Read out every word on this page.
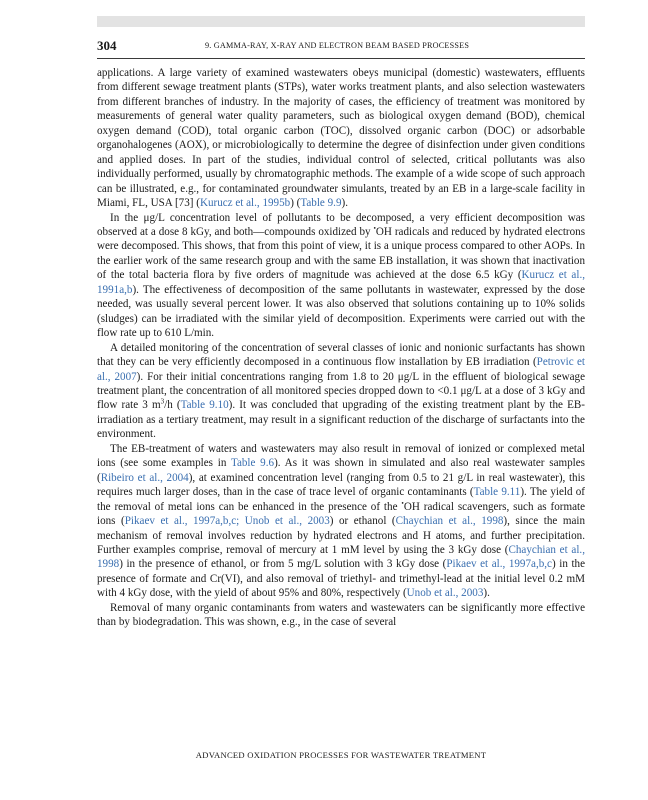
304	9. GAMMA-RAY, X-RAY AND ELECTRON BEAM BASED PROCESSES

applications. A large variety of examined wastewaters obeys municipal (domestic) wastewaters, effluents from different sewage treatment plants (STPs), water works treatment plants, and also selection wastewaters from different branches of industry. In the majority of cases, the efficiency of treatment was monitored by measurements of general water quality parameters, such as biological oxygen demand (BOD), chemical oxygen demand (COD), total organic carbon (TOC), dissolved organic carbon (DOC) or adsorbable organohalogenes (AOX), or microbiologically to determine the degree of disinfection under given conditions and applied doses. In part of the studies, individual control of selected, critical pollutants was also individually performed, usually by chromatographic methods. The example of a wide scope of such approach can be illustrated, e.g., for contaminated groundwater simulants, treated by an EB in a large-scale facility in Miami, FL, USA [73] (Kurucz et al., 1995b) (Table 9.9).

In the μg/L concentration level of pollutants to be decomposed, a very efficient decomposition was observed at a dose 8 kGy, and both—compounds oxidized by •OH radicals and reduced by hydrated electrons were decomposed. This shows, that from this point of view, it is a unique process compared to other AOPs. In the earlier work of the same research group and with the same EB installation, it was shown that inactivation of the total bacteria flora by five orders of magnitude was achieved at the dose 6.5 kGy (Kurucz et al., 1991a,b). The effectiveness of decomposition of the same pollutants in wastewater, expressed by the dose needed, was usually several percent lower. It was also observed that solutions containing up to 10% solids (sludges) can be irradiated with the similar yield of decomposition. Experiments were carried out with the flow rate up to 610 L/min.

A detailed monitoring of the concentration of several classes of ionic and nonionic surfactants has shown that they can be very efficiently decomposed in a continuous flow installation by EB irradiation (Petrovic et al., 2007). For their initial concentrations ranging from 1.8 to 20 μg/L in the effluent of biological sewage treatment plant, the concentration of all monitored species dropped down to <0.1 μg/L at a dose of 3 kGy and flow rate 3 $m^3/h$ (Table 9.10). It was concluded that upgrading of the existing treatment plant by the EB-irradiation as a tertiary treatment, may result in a significant reduction of the discharge of surfactants into the environment.

The EB-treatment of waters and wastewaters may also result in removal of ionized or complexed metal ions (see some examples in Table 9.6). As it was shown in simulated and also real wastewater samples (Ribeiro et al., 2004), at examined concentration level (ranging from 0.5 to 21 g/L in real wastewater), this requires much larger doses, than in the case of trace level of organic contaminants (Table 9.11). The yield of the removal of metal ions can be enhanced in the presence of the •OH radical scavengers, such as formate ions (Pikaev et al., 1997a,b,c; Unob et al., 2003) or ethanol (Chaychian et al., 1998), since the main mechanism of removal involves reduction by hydrated electrons and H atoms, and further precipitation. Further examples comprise, removal of mercury at 1 mM level by using the 3 kGy dose (Chaychian et al., 1998) in the presence of ethanol, or from 5 mg/L solution with 3 kGy dose (Pikaev et al., 1997a,b,c) in the presence of formate and Cr(VI), and also removal of triethyl- and trimethyl-lead at the initial level 0.2 mM with 4 kGy dose, with the yield of about 95% and 80%, respectively (Unob et al., 2003).

Removal of many organic contaminants from waters and wastewaters can be significantly more effective than by biodegradation. This was shown, e.g., in the case of several

ADVANCED OXIDATION PROCESSES FOR WASTEWATER TREATMENT
